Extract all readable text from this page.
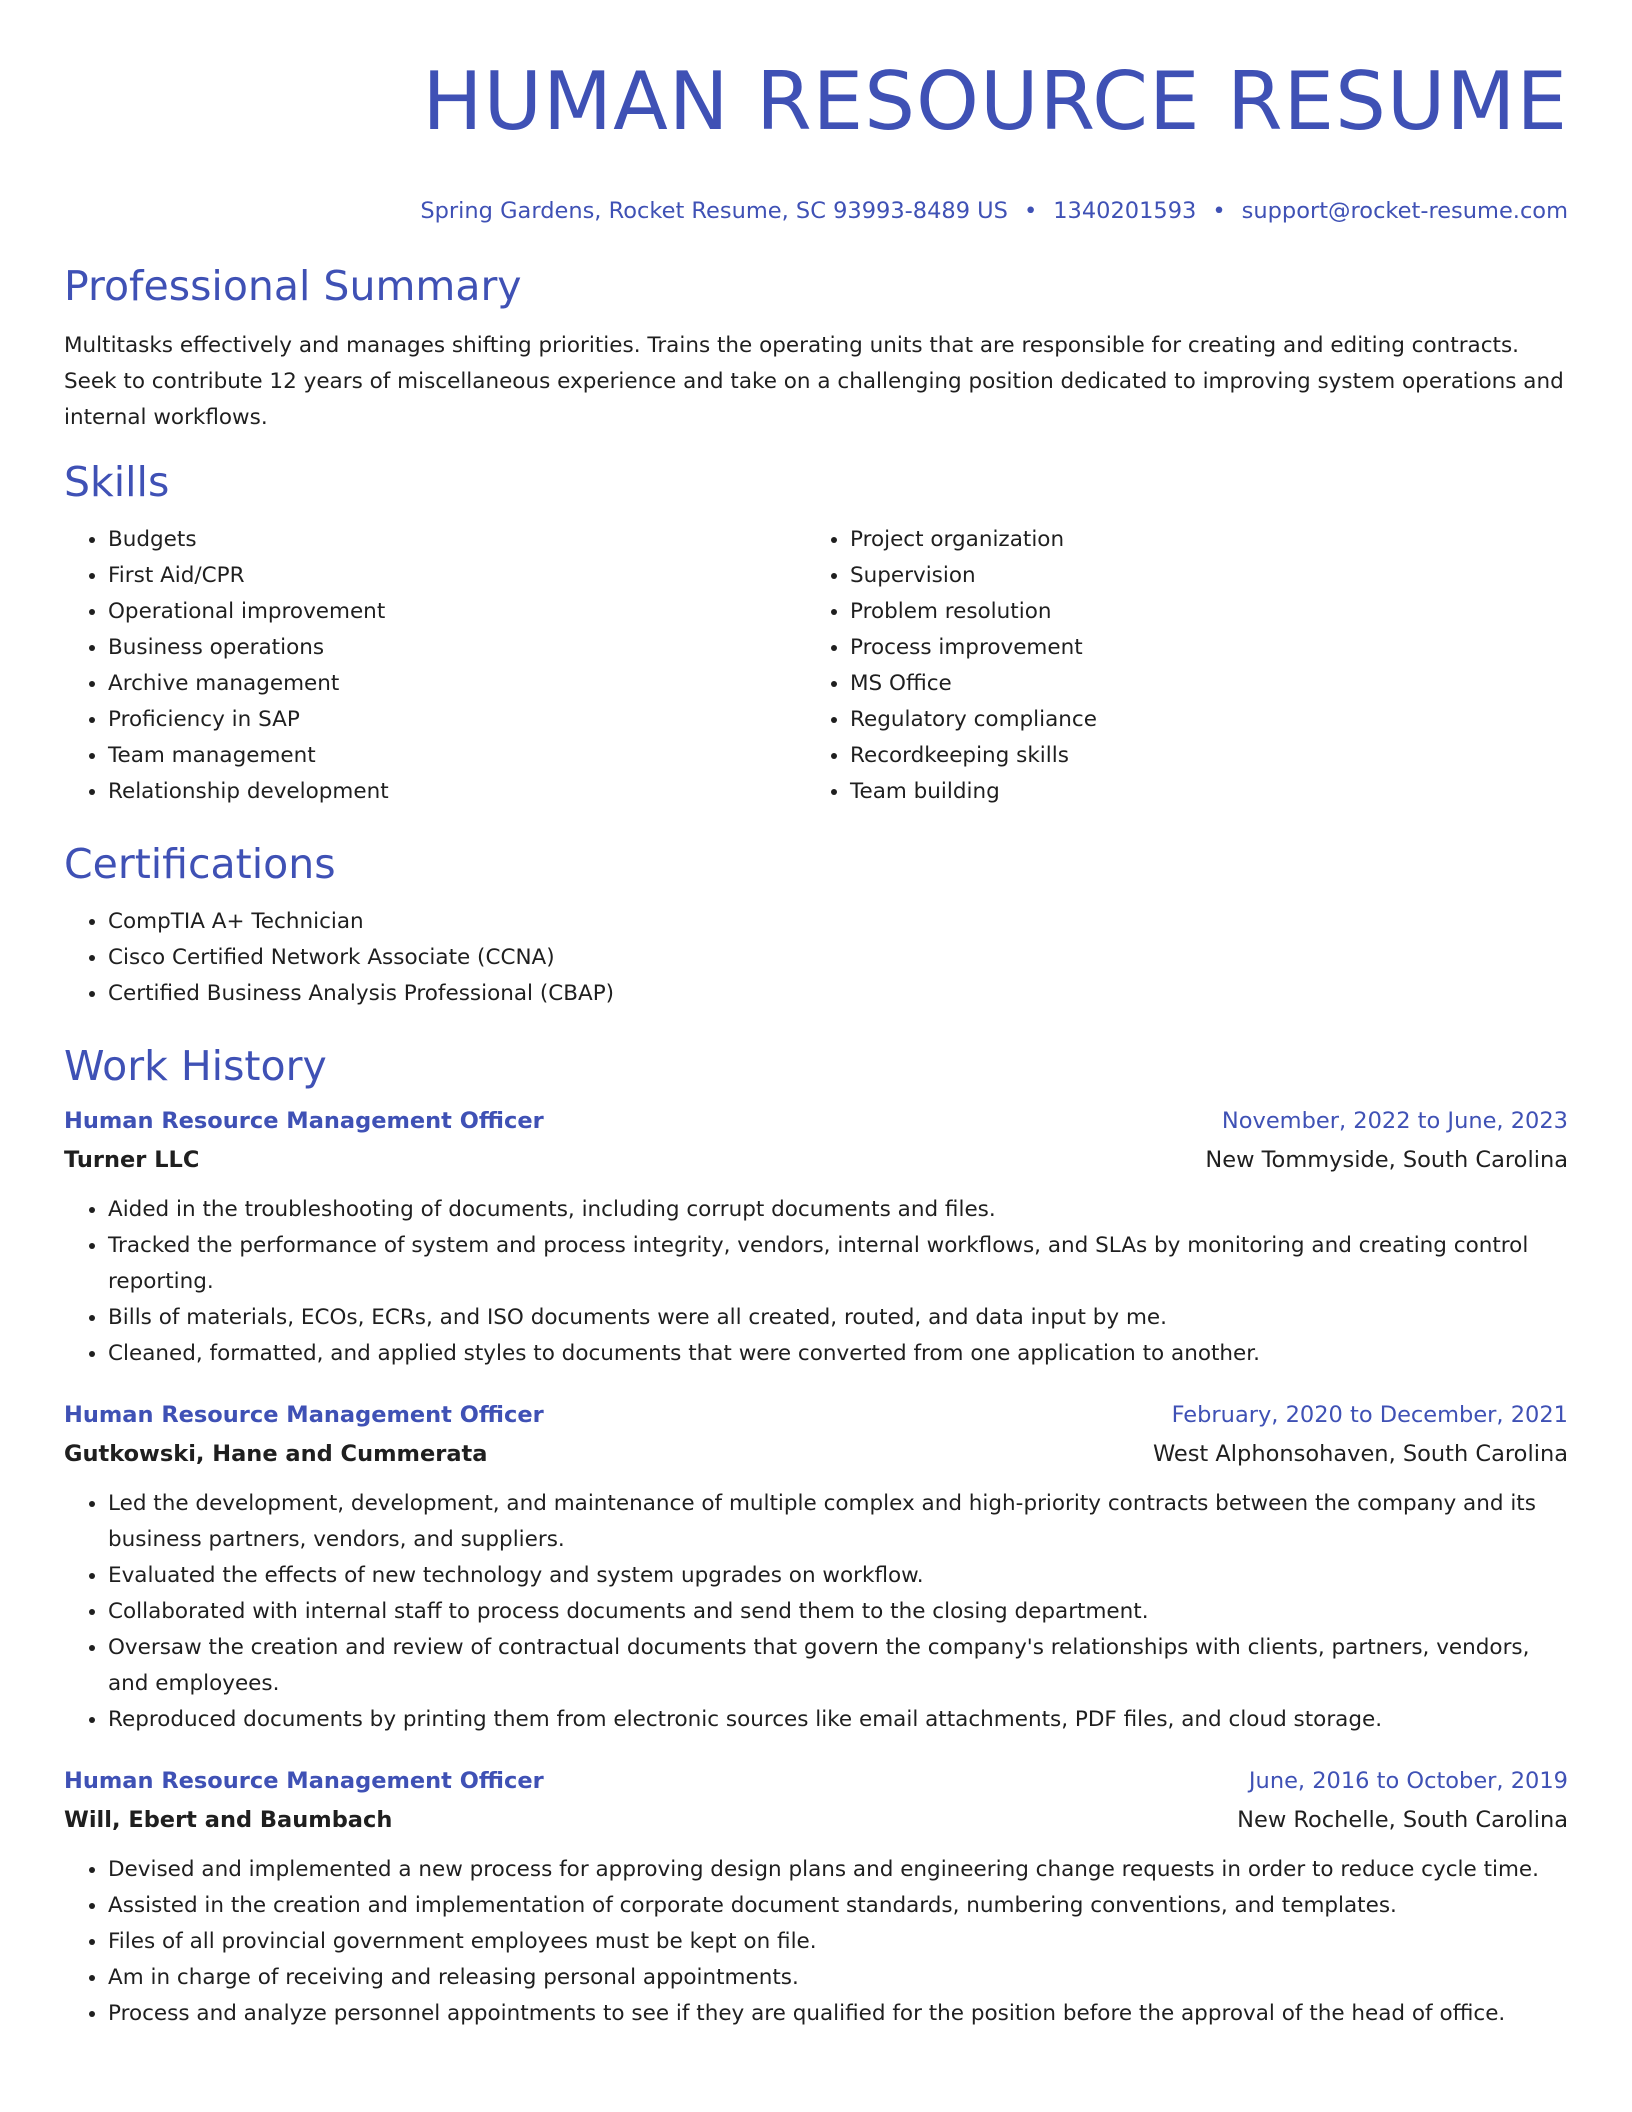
HUMAN RESOURCE RESUME
Spring Gardens, Rocket Resume, SC 93993-8489 US • 1340201593 • support@rocket-resume.com
Professional Summary

Multitasks effectively and manages shifting priorities. Trains the operating units that are responsible for creating and editing contracts. Seek to contribute 12 years of miscellaneous experience and take on a challenging position dedicated to improving system operations and internal workflows.

Skills
• Budgets
• First Aid/CPR
• Operational improvement
• Business operations
• Archive management
• Proficiency in SAP
• Team management
• Relationship development
• Project organization
• Supervision
• Problem resolution
• Process improvement
• MS Office
• Regulatory compliance
• Recordkeeping skills
• Team building
Certifications
• CompTIA A+ Technician
• Cisco Certified Network Associate (CCNA)
• Certified Business Analysis Professional (CBAP)
Work History
Human Resource Management Officer	November, 2022 to June, 2023
Turner LLC	New Tommyside, South Carolina
• Aided in the troubleshooting of documents, including corrupt documents and files.
• Tracked the performance of system and process integrity, vendors, internal workflows, and SLAs by monitoring and creating control reporting.
• Bills of materials, ECOs, ECRs, and ISO documents were all created, routed, and data input by me.
• Cleaned, formatted, and applied styles to documents that were converted from one application to another.
Human Resource Management Officer	February, 2020 to December, 2021
Gutkowski, Hane and Cummerata	West Alphonsohaven, South Carolina
• Led the development, development, and maintenance of multiple complex and high-priority contracts between the company and its business partners, vendors, and suppliers.
• Evaluated the effects of new technology and system upgrades on workflow.
• Collaborated with internal staff to process documents and send them to the closing department.
• Oversaw the creation and review of contractual documents that govern the company's relationships with clients, partners, vendors, and employees.
• Reproduced documents by printing them from electronic sources like email attachments, PDF files, and cloud storage.
Human Resource Management Officer	June, 2016 to October, 2019
Will, Ebert and Baumbach	New Rochelle, South Carolina
• Devised and implemented a new process for approving design plans and engineering change requests in order to reduce cycle time.
• Assisted in the creation and implementation of corporate document standards, numbering conventions, and templates.
• Files of all provincial government employees must be kept on file.
• Am in charge of receiving and releasing personal appointments.
• Process and analyze personnel appointments to see if they are qualified for the position before the approval of the head of office.
